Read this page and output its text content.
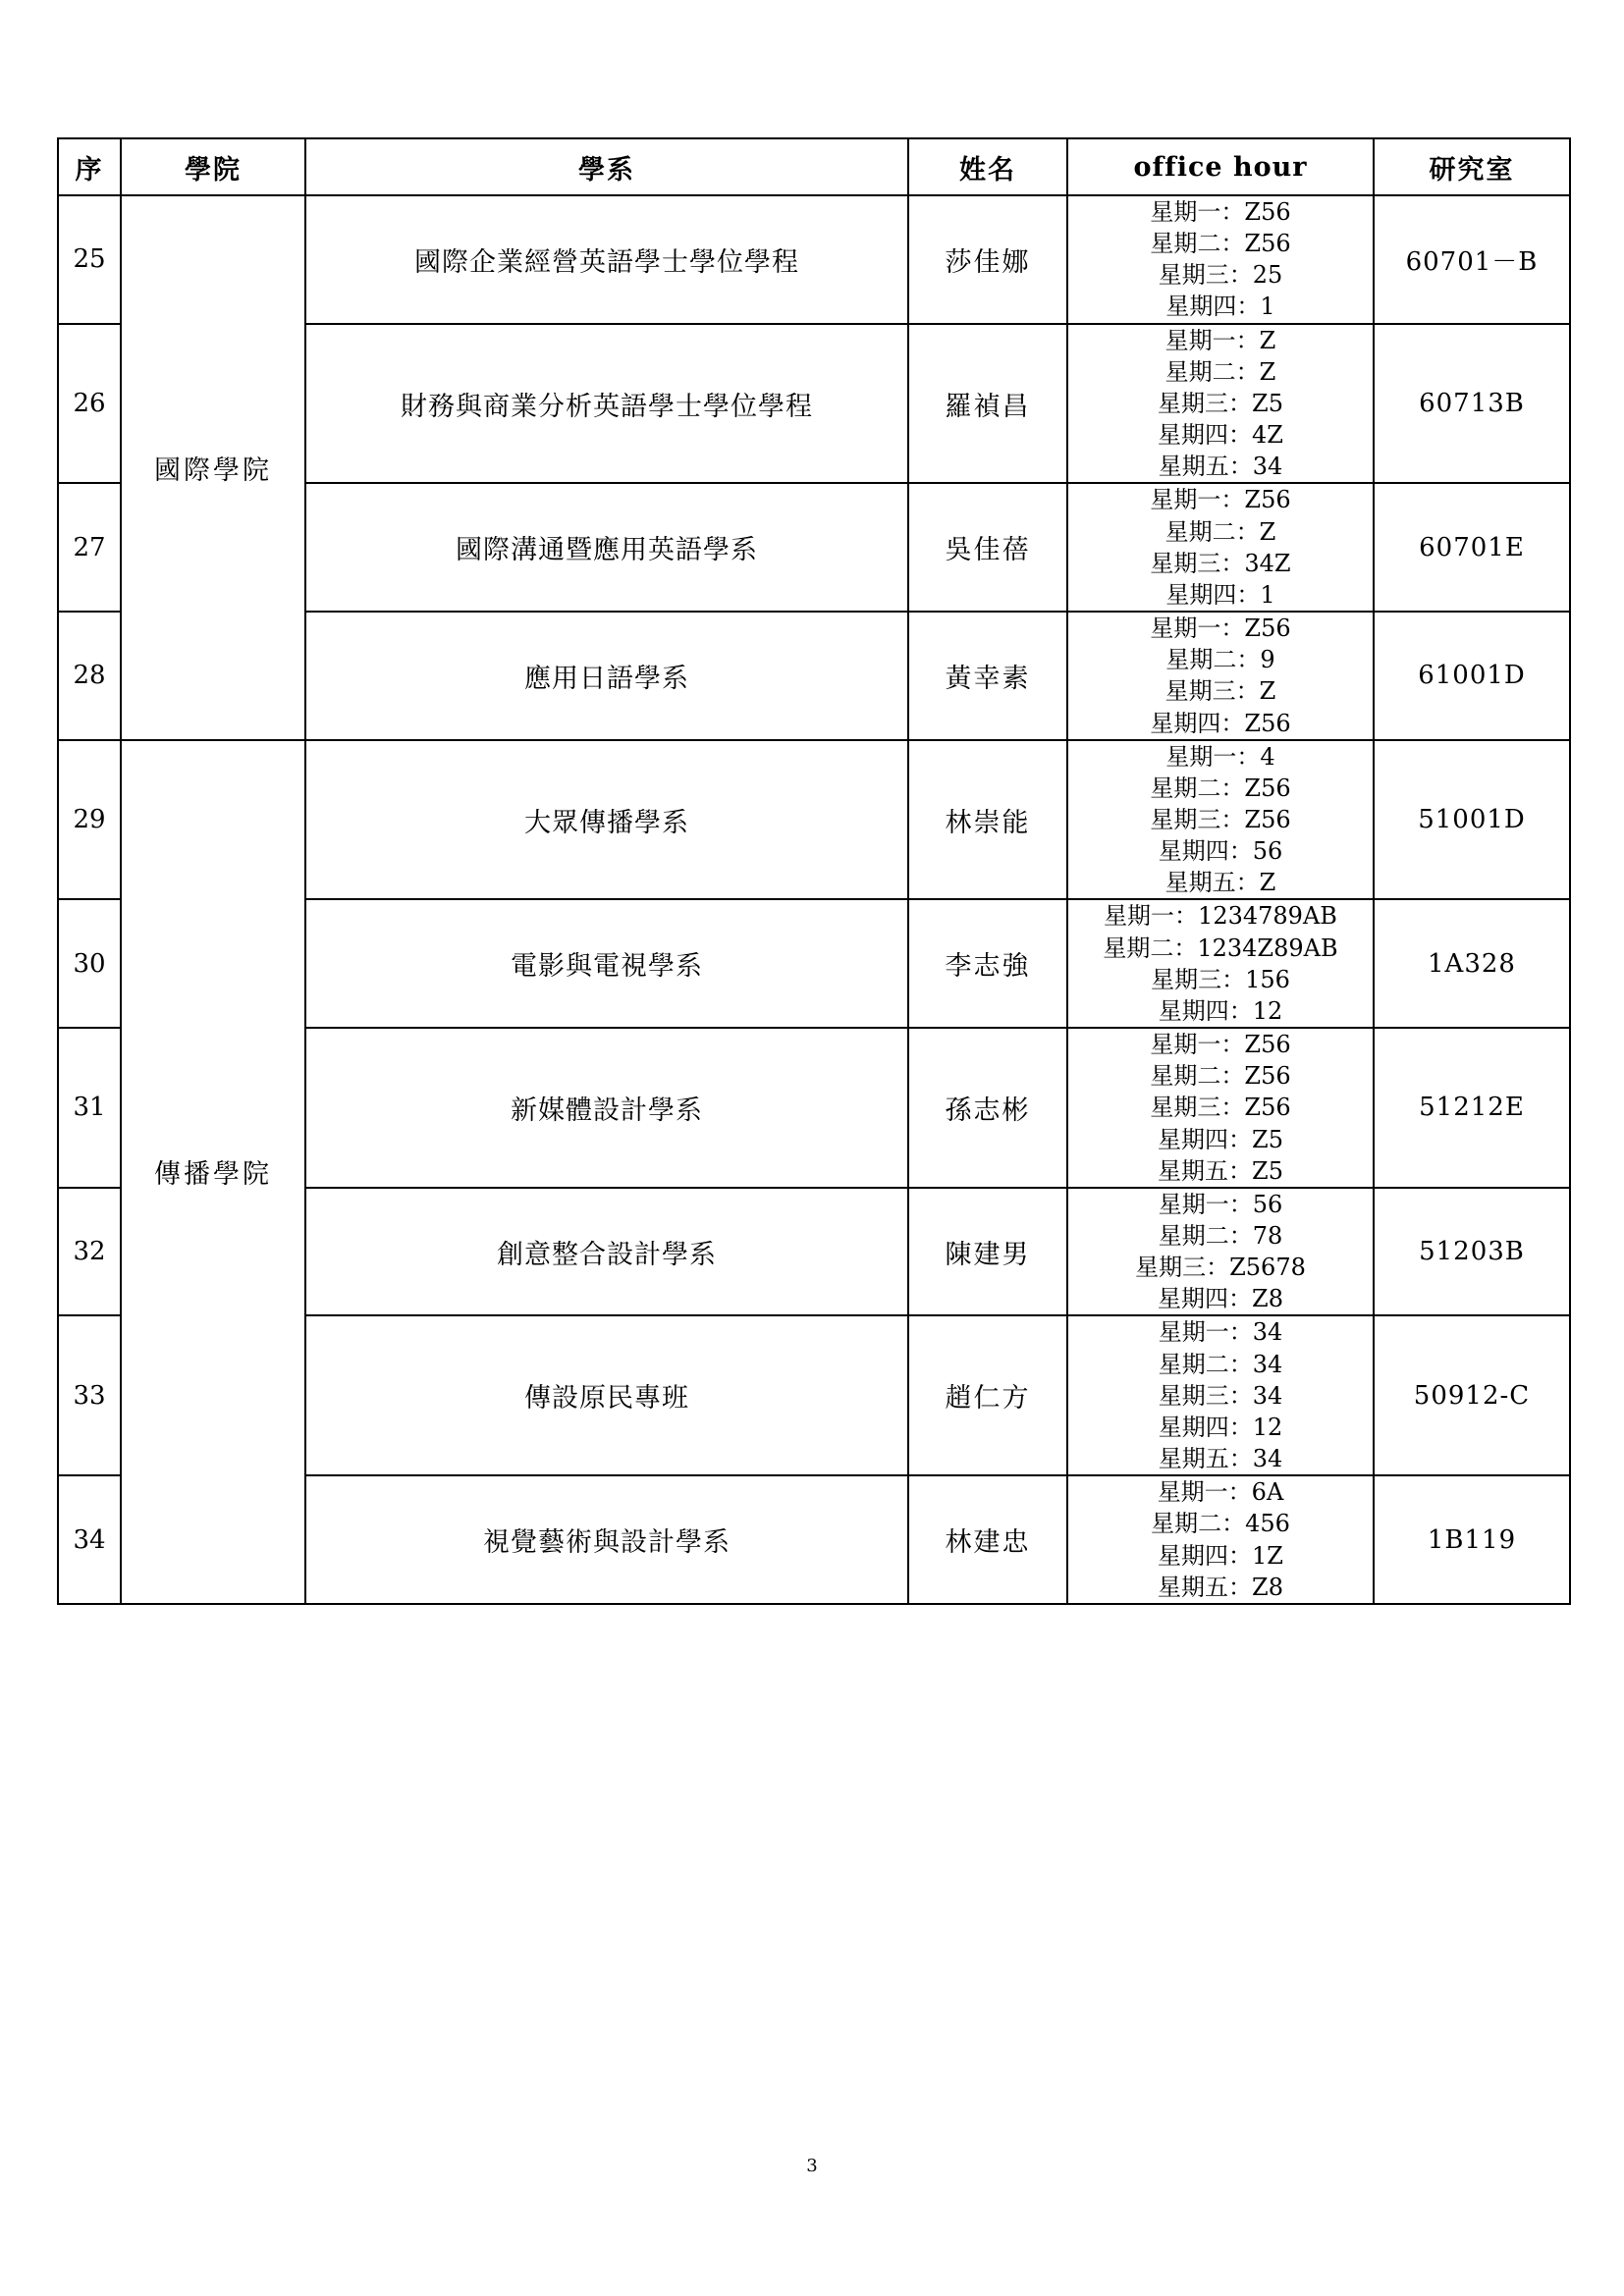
序	學院	學系	姓名	office hour	研究室
25	國際學院	國際企業經營英語學士學位學程	莎佳娜	星期一：Z56
星期二：Z56
星期三：25
星期四：1	60701－B
26		財務與商業分析英語學士學位學程	羅禎昌	星期一：Z
星期二：Z
星期三：Z5
星期四：4Z
星期五：34	60713B
27		國際溝通暨應用英語學系	吳佳蓓	星期一：Z56
星期二：Z
星期三：34Z
星期四：1	60701E
28		應用日語學系	黃幸素	星期一：Z56
星期二：9
星期三：Z
星期四：Z56	61001D
29	傳播學院	大眾傳播學系	林崇能	星期一：4
星期二：Z56
星期三：Z56
星期四：56
星期五：Z	51001D
30		電影與電視學系	李志強	星期一：1234789AB
星期二：1234Z89AB
星期三：156
星期四：12	1A328
31		新媒體設計學系	孫志彬	星期一：Z56
星期二：Z56
星期三：Z56
星期四：Z5
星期五：Z5	51212E
32		創意整合設計學系	陳建男	星期一：56
星期二：78
星期三：Z5678
星期四：Z8	51203B
33		傳設原民專班	趙仁方	星期一：34
星期二：34
星期三：34
星期四：12
星期五：34	50912-C
34		視覺藝術與設計學系	林建忠	星期一：6A
星期二：456
星期四：1Z
星期五：Z8	1B119
3
